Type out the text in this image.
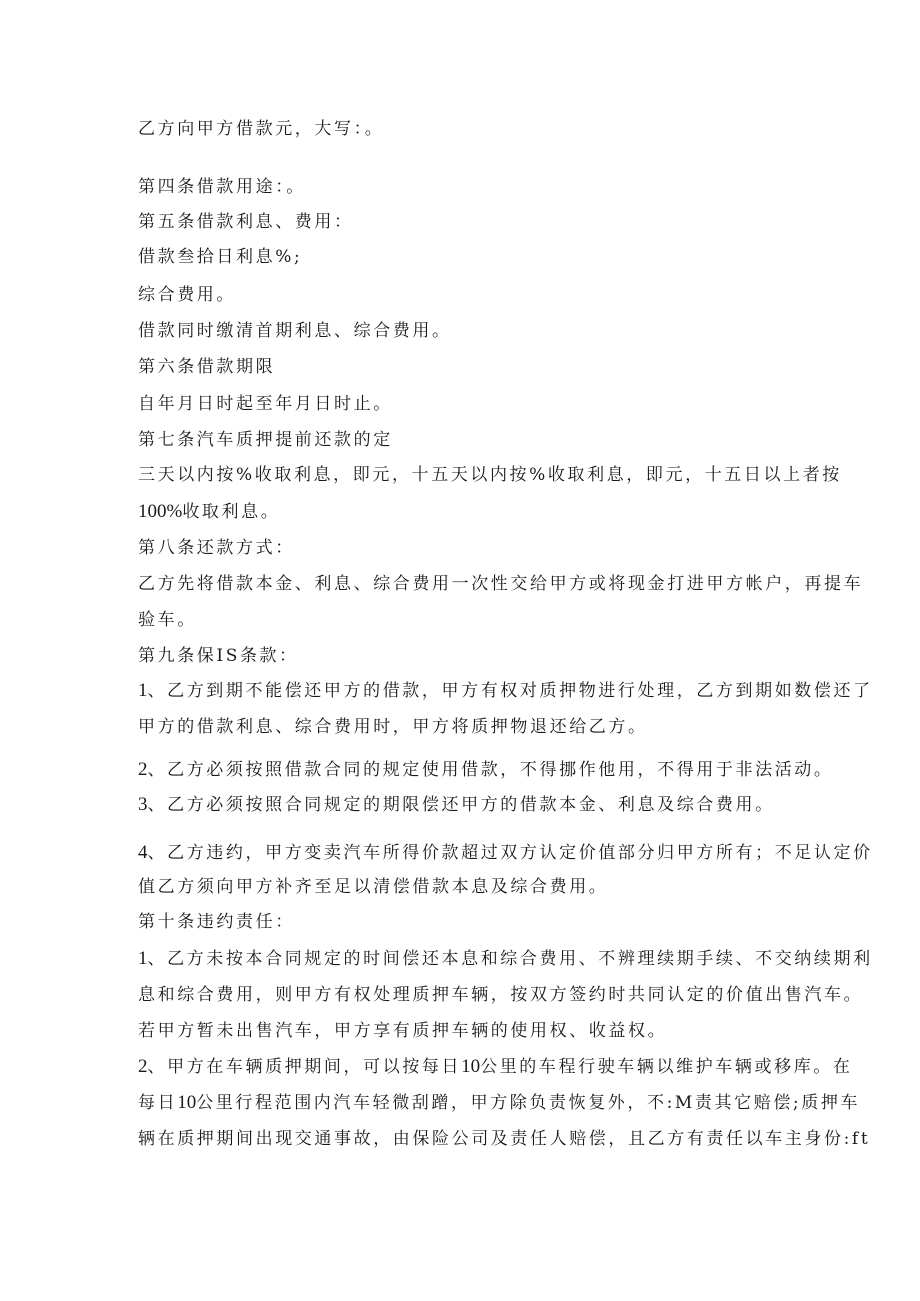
乙方向甲方借款元，大写：。
第四条借款用途：。
第五条借款利息、费用：
借款叁拾日利息%;
综合费用。
借款同时缴清首期利息、综合费用。
第六条借款期限
自年月日时起至年月日时止。
第七条汽车质押提前还款的定
三天以内按%收取利息，即元，十五天以内按%收取利息，即元，十五日以上者按
100%收取利息。
第八条还款方式：
乙方先将借款本金、利息、综合费用一次性交给甲方或将现金打进甲方帐户，再提车
验车。
第九条保IS条款：
1、乙方到期不能偿还甲方的借款，甲方有权对质押物进行处理，乙方到期如数偿还了
甲方的借款利息、综合费用时，甲方将质押物退还给乙方。
2、乙方必须按照借款合同的规定使用借款，不得挪作他用，不得用于非法活动。
3、乙方必须按照合同规定的期限偿还甲方的借款本金、利息及综合费用。
4、乙方违约，甲方变卖汽车所得价款超过双方认定价值部分归甲方所有；不足认定价
值乙方须向甲方补齐至足以清偿借款本息及综合费用。
第十条违约责任：
1、乙方未按本合同规定的时间偿还本息和综合费用、不辨理续期手续、不交纳续期利
息和综合费用，则甲方有权处理质押车辆，按双方签约时共同认定的价值出售汽车。
若甲方暂未出售汽车，甲方享有质押车辆的使用权、收益权。
2、甲方在车辆质押期间，可以按每日10公里的车程行驶车辆以维护车辆或移库。在
每日10公里行程范围内汽车轻微刮蹭，甲方除负责恢复外，不:M责其它赔偿;质押车
辆在质押期间出现交通事故，由保险公司及责任人赔偿，且乙方有责任以车主身份:ft
